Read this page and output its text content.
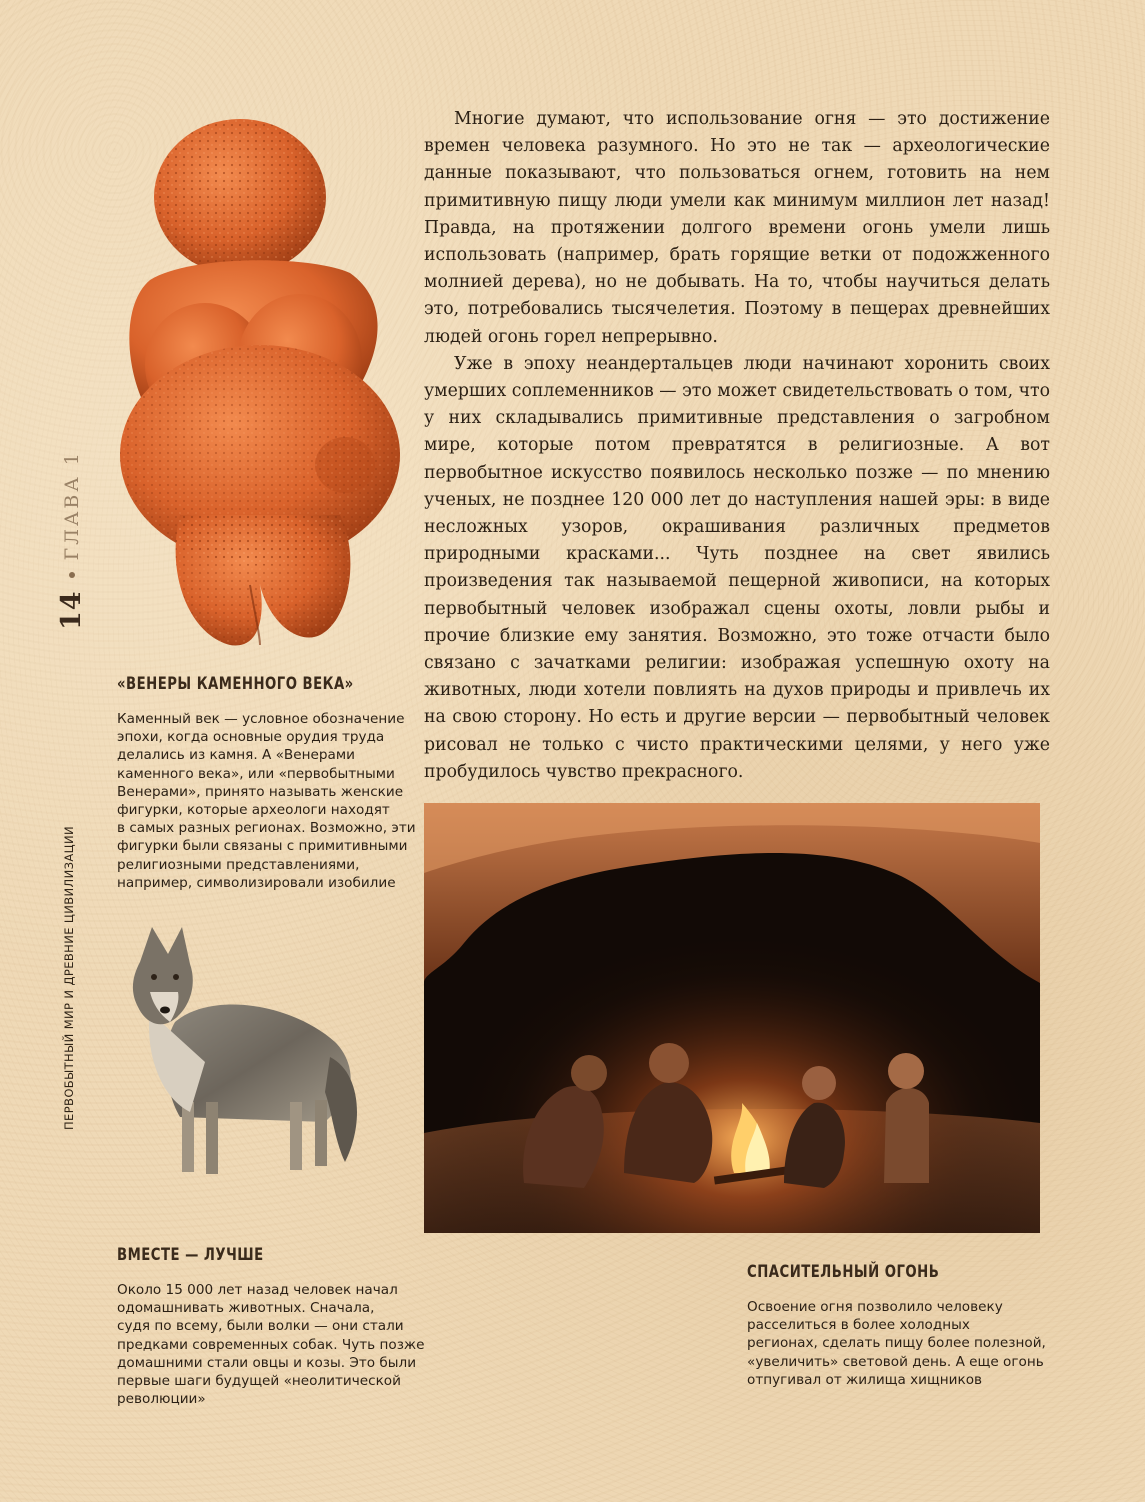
14
ГЛАВА 1
ПЕРВОБЫТНЫЙ МИР И ДРЕВНИЕ ЦИВИЛИЗАЦИИ

Многие думают, что использование огня — это достижение времен человека разумного. Но это не так — археологические данные показывают, что пользоваться огнем, готовить на нем примитивную пищу люди умели как минимум миллион лет назад! Правда, на протяжении долгого времени огонь умели лишь использовать (например, брать горящие ветки от подожженного молнией дерева), но не добывать. На то, чтобы научиться делать это, потребовались тысячелетия. Поэтому в пещерах древнейших людей огонь горел непрерывно.

Уже в эпоху неандертальцев люди начинают хоронить своих умерших соплеменников — это может свидетельствовать о том, что у них складывались примитивные представления о загробном мире, которые потом превратятся в религиозные. А вот первобытное искусство появилось несколько позже — по мнению ученых, не позднее 120 000 лет до наступления нашей эры: в виде несложных узоров, окрашивания различных предметов природными красками... Чуть позднее на свет явились произведения так называемой пещерной живописи, на которых первобытный человек изображал сцены охоты, ловли рыбы и прочие близкие ему занятия. Возможно, это тоже отчасти было связано с зачатками религии: изображая успешную охоту на животных, люди хотели повлиять на духов природы и привлечь их на свою сторону. Но есть и другие версии — первобытный человек рисовал не только с чисто практическими целями, у него уже пробудилось чувство прекрасного.

«ВЕНЕРЫ КАМЕННОГО ВЕКА»
Каменный век — условное обозначение
эпохи, когда основные орудия труда
делались из камня. А «Венерами
каменного века», или «первобытными
Венерами», принято называть женские
фигурки, которые археологи находят
в самых разных регионах. Возможно, эти
фигурки были связаны с примитивными
религиозными представлениями,
например, символизировали изобилие
ВМЕСТЕ — ЛУЧШЕ
Около 15 000 лет назад человек начал
одомашнивать животных. Сначала,
судя по всему, были волки — они стали
предками современных собак. Чуть позже
домашними стали овцы и козы. Это были
первые шаги будущей «неолитической
революции»
СПАСИТЕЛЬНЫЙ ОГОНЬ
Освоение огня позволило человеку
расселиться в более холодных
регионах, сделать пищу более полезной,
«увеличить» световой день. А еще огонь
отпугивал от жилища хищников
